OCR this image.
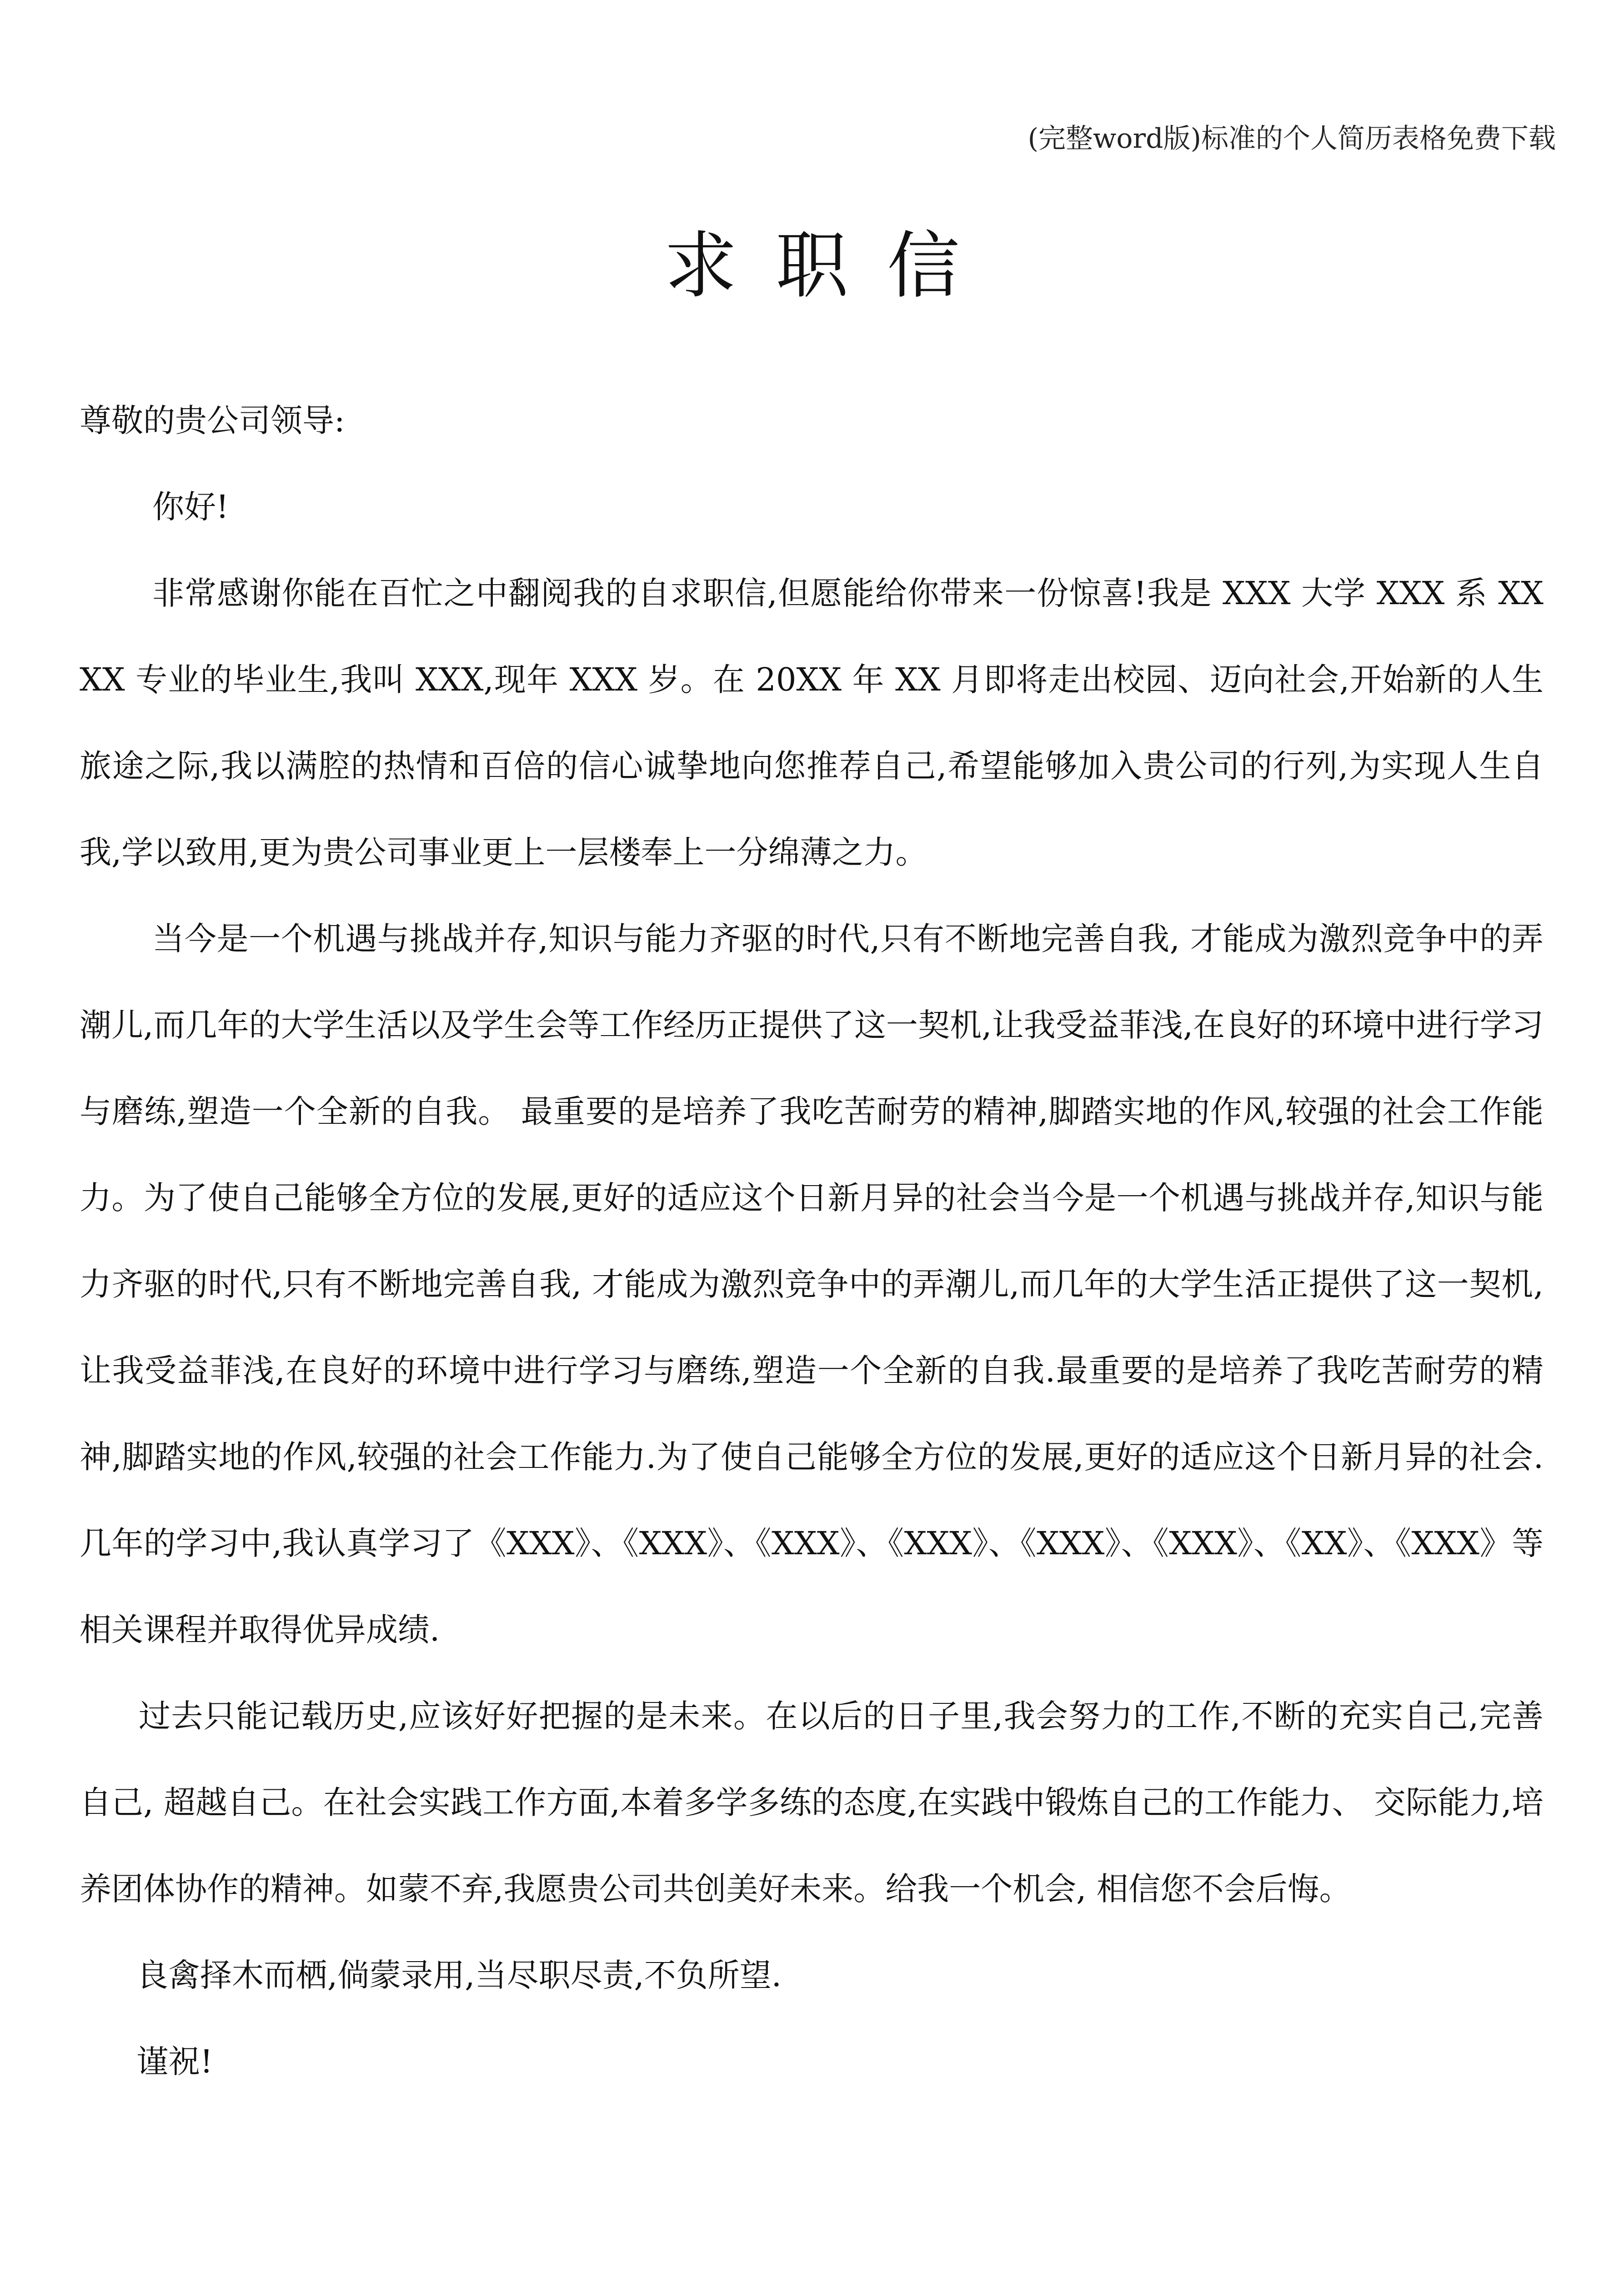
(完整word版)标准的个人简历表格免费下载
求职信

尊敬的贵公司领导:

你好!

非常感谢你能在百忙之中翻阅我的自求职信,但愿能给你带来一份惊喜!我是 XXX 大学 XXX 系 XXXX 专业的毕业生,我叫 XXX,现年 XXX 岁。在 20XX 年 XX 月即将走出校园、迈向社会,开始新的人生旅途之际,我以满腔的热情和百倍的信心诚挚地向您推荐自己,希望能够加入贵公司的行列,为实现人生自我,学以致用,更为贵公司事业更上一层楼奉上一分绵薄之力。

当今是一个机遇与挑战并存,知识与能力齐驱的时代,只有不断地完善自我, 才能成为激烈竞争中的弄潮儿,而几年的大学生活以及学生会等工作经历正提供了这一契机,让我受益菲浅,在良好的环境中进行学习与磨练,塑造一个全新的自我。 最重要的是培养了我吃苦耐劳的精神,脚踏实地的作风,较强的社会工作能力。为了使自己能够全方位的发展,更好的适应这个日新月异的社会当今是一个机遇与挑战并存,知识与能力齐驱的时代,只有不断地完善自我, 才能成为激烈竞争中的弄潮儿,而几年的大学生活正提供了这一契机,让我受益菲浅,在良好的环境中进行学习与磨练,塑造一个全新的自我.最重要的是培养了我吃苦耐劳的精神,脚踏实地的作风,较强的社会工作能力.为了使自己能够全方位的发展,更好的适应这个日新月异的社会.几年的学习中,我认真学习了《XXX》、《XXX》、《XXX》、《XXX》、《XXX》、《XXX》、《XX》、《XXX》等相关课程并取得优异成绩.

过去只能记载历史,应该好好把握的是未来。在以后的日子里,我会努力的工作,不断的充实自己,完善自己, 超越自己。在社会实践工作方面,本着多学多练的态度,在实践中锻炼自己的工作能力、 交际能力,培养团体协作的精神。如蒙不弃,我愿贵公司共创美好未来。给我一个机会, 相信您不会后悔。

良禽择木而栖,倘蒙录用,当尽职尽责,不负所望.

谨祝!
